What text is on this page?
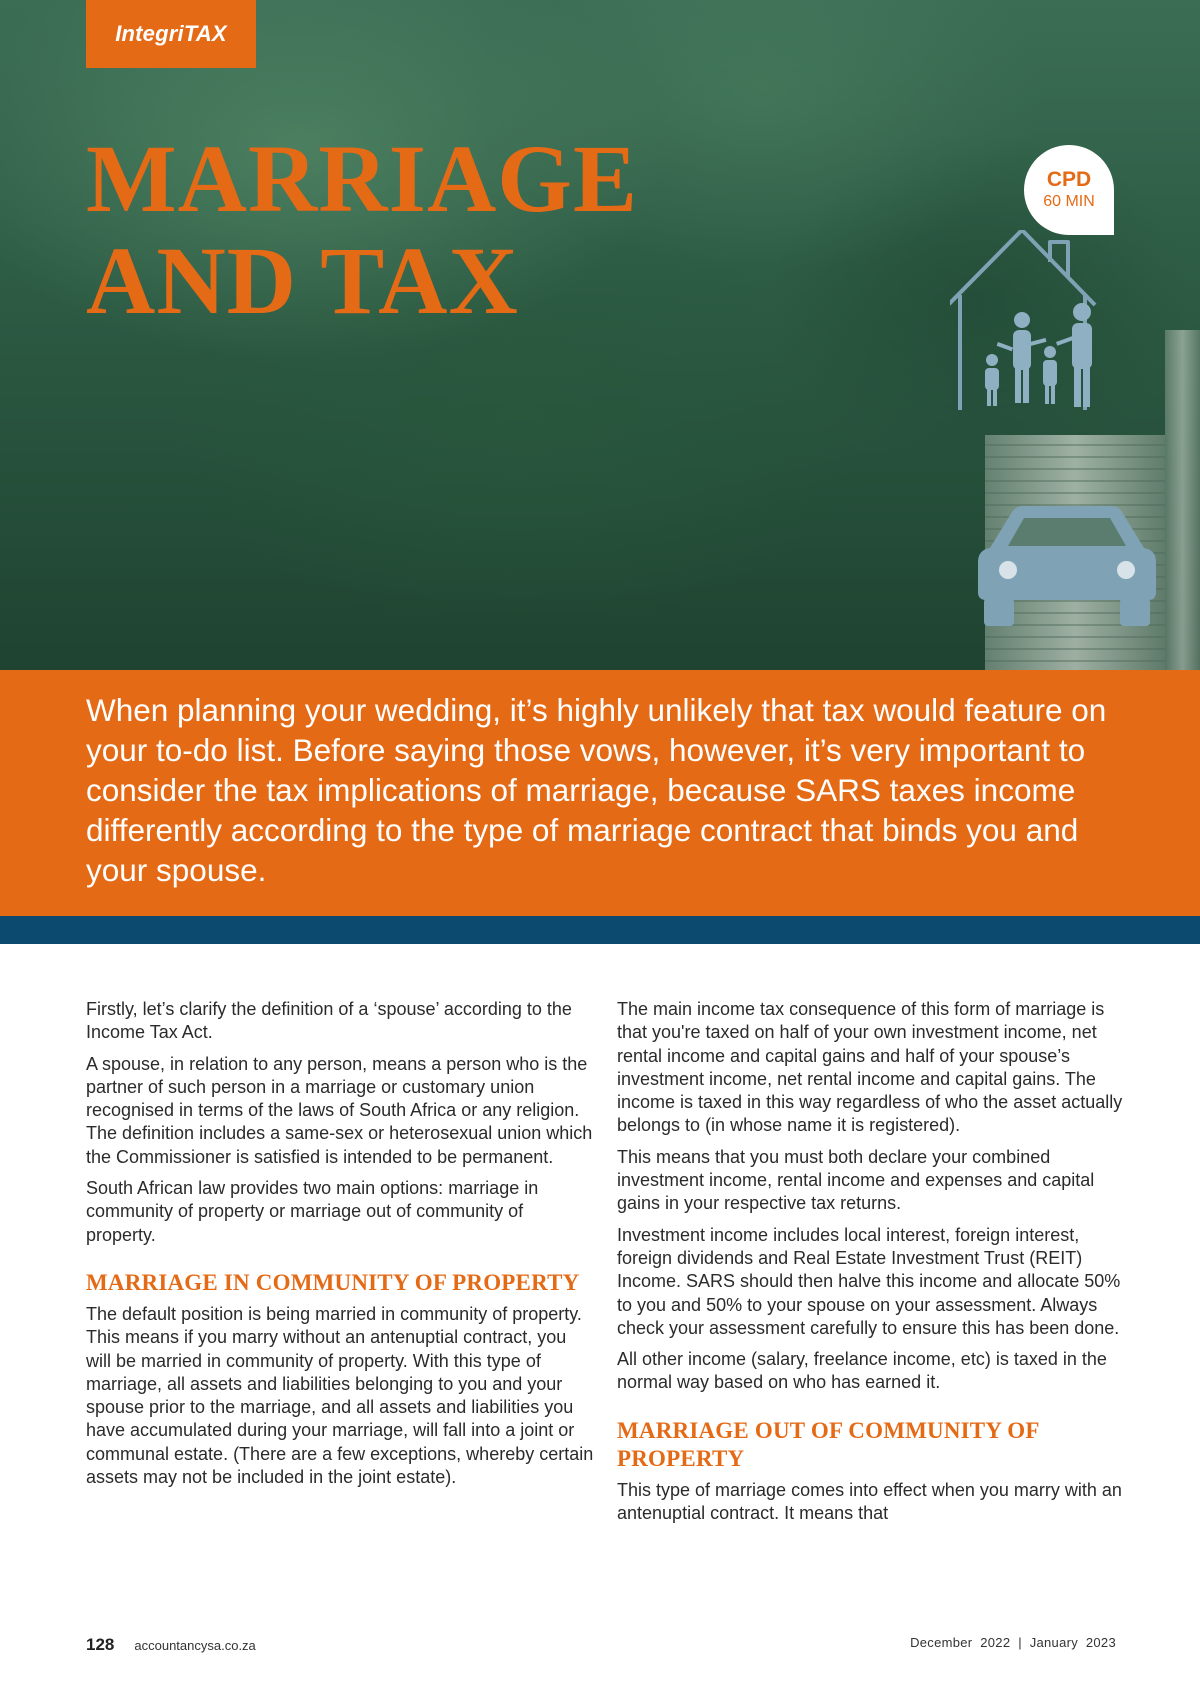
IntegriTAX
MARRIAGE
AND TAX
CPD
60 MIN

When planning your wedding, it’s highly unlikely that tax would feature on your to-do list. Before saying those vows, however, it’s very important to consider the tax implications of marriage, because SARS taxes income differently according to the type of marriage contract that binds you and your spouse.

Firstly, let’s clarify the definition of a ‘spouse’ according to the Income Tax Act.

A spouse, in relation to any person, means a person who is the partner of such person in a marriage or customary union recognised in terms of the laws of South Africa or any religion. The definition includes a same-sex or heterosexual union which the Commissioner is satisfied is intended to be permanent.

South African law provides two main options: marriage in community of property or marriage out of community of property.

MARRIAGE IN COMMUNITY OF PROPERTY

The default position is being married in community of property. This means if you marry without an antenuptial contract, you will be married in community of property. With this type of marriage, all assets and liabilities belonging to you and your spouse prior to the marriage, and all assets and liabilities you have accumulated during your marriage, will fall into a joint or communal estate. (There are a few exceptions, whereby certain assets may not be included in the joint estate).

The main income tax consequence of this form of marriage is that you're taxed on half of your own investment income, net rental income and capital gains and half of your spouse’s investment income, net rental income and capital gains. The income is taxed in this way regardless of who the asset actually belongs to (in whose name it is registered).

This means that you must both declare your combined investment income, rental income and expenses and capital gains in your respective tax returns.

Investment income includes local interest, foreign interest, foreign dividends and Real Estate Investment Trust (REIT) Income. SARS should then halve this income and allocate 50% to you and 50% to your spouse on your assessment. Always check your assessment carefully to ensure this has been done.

All other income (salary, freelance income, etc) is taxed in the normal way based on who has earned it.

MARRIAGE OUT OF COMMUNITY OF PROPERTY

This type of marriage comes into effect when you marry with an antenuptial contract. It means that

128 accountancysa.co.za	December  2022  |  January  2023
